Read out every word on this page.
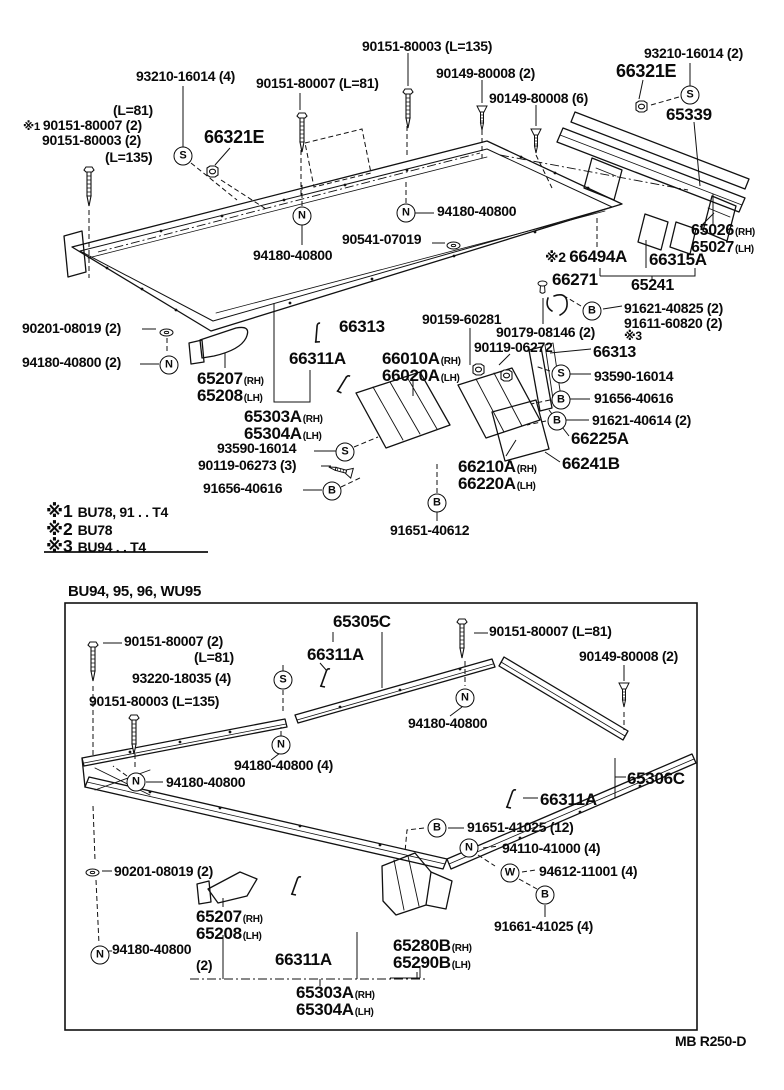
93210-16014 (4) 90151-80007 (L=81)
90151-80003 (L=135)
90149-80008 (2)
90149-80008 (6)
93210-16014 (2)
66321E
65339
(L=81)
※1 90151-80007 (2)
90151-80003 (2)
(L=135)
66321E
94180-40800
90541-07019
94180-40800
65026(RH)
65027(LH)
※2 66494A 66315A
65241
66271
91621-40825 (2)
91611-60820 (2)
※3
90159-60281
90179-08146 (2)
90119-06272	66313
93590-16014
91656-40616
91621-40614 (2)
66225A
66241B
66210A(RH)
66220A(LH)
90201-08019 (2)
94180-40800 (2)
65207(RH)
65208(LH)
66313
66311A 66010A(RH)
66020A(LH)
65303A(RH)
65304A(LH)
93590-16014
90119-06273 (3)
91656-40616
91651-40612
※1 BU78, 91 . . T4
※2 BU78
※3 BU94 . . T4
BU94, 95, 96, WU95
90151-80007 (2)
(L=81)
93220-18035 (4)
90151-80003 (L=135)
65305C
66311A
90151-80007 (L=81)
90149-80008 (2)
94180-40800
94180-40800 (4)
94180-40800	65306C
66311A
91651-41025 (12)
94110-41000 (4)
94612-11001 (4)
91661-41025 (4)
65280B(RH)
65290B(LH)
90201-08019 (2)
65207(RH)
65208(LH)
94180-40800
(2)	66311A
65303A(RH)
65304A(LH)
MB R250-D
S
N	N
S
B
S
B
B
S
B
B
N
S
N
N
N
B
N
W
B
N
